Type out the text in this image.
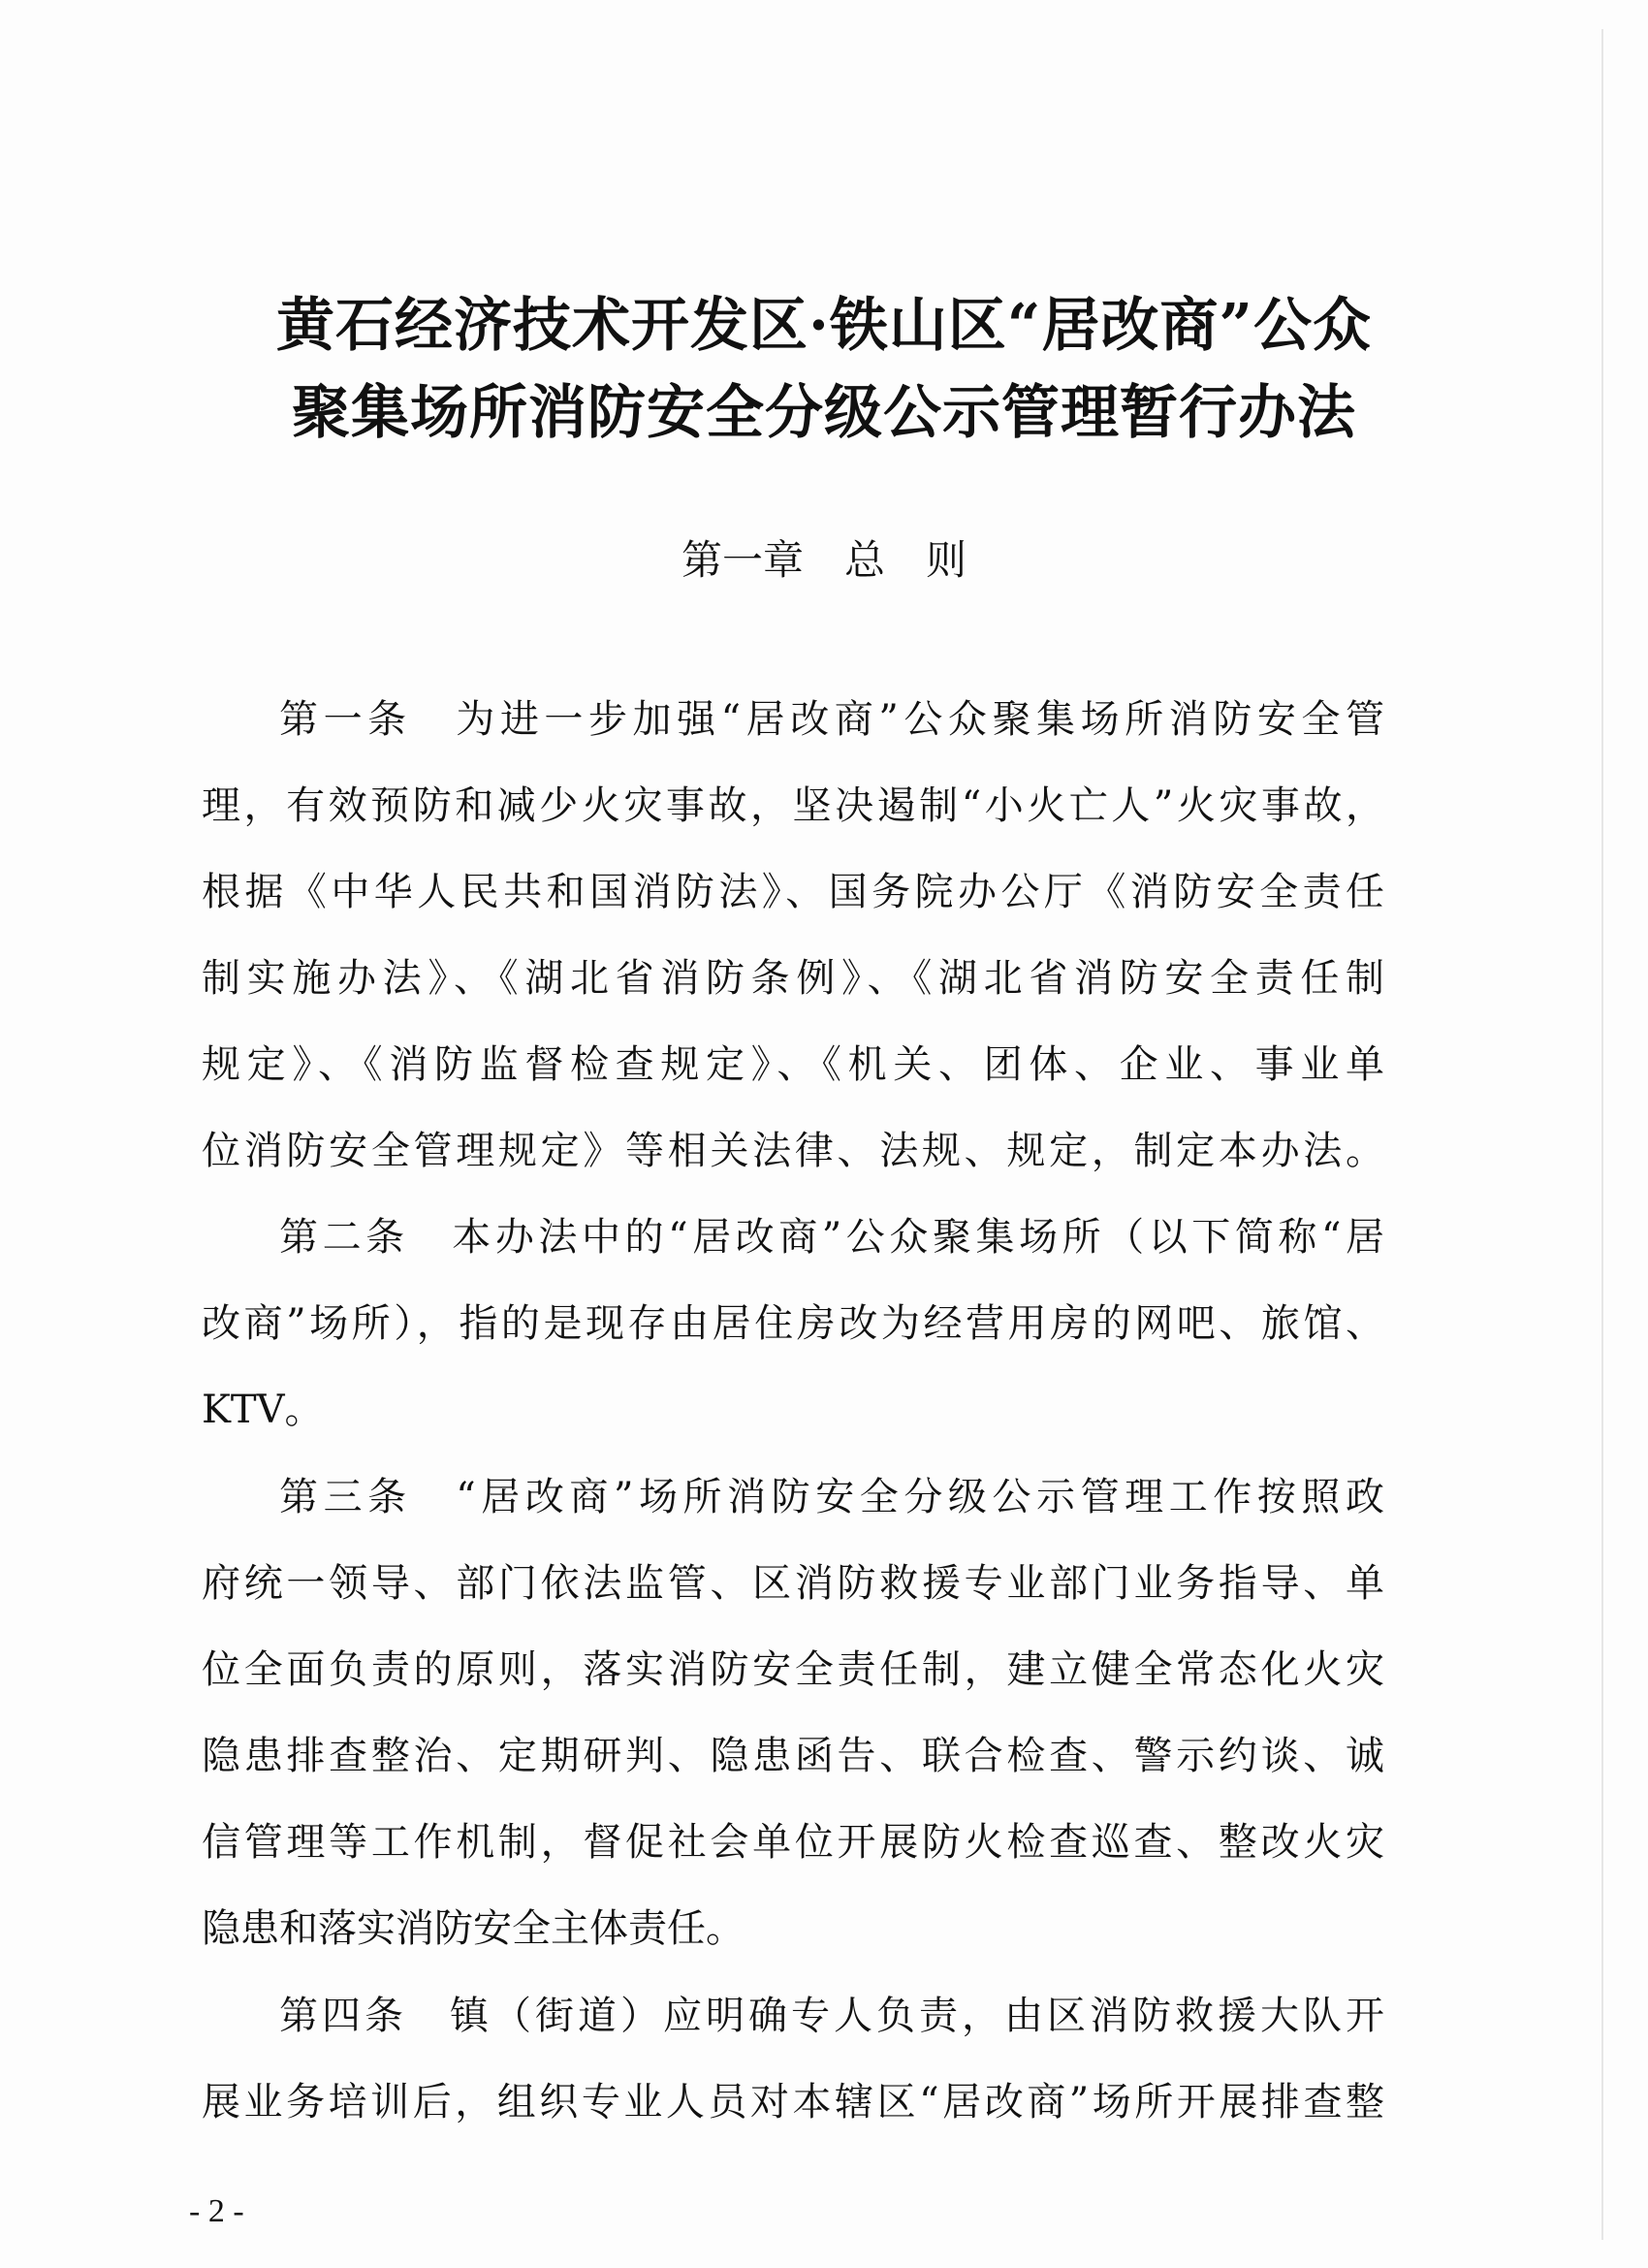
黄石经济技术开发区·铁山区“居改商”公众
聚集场所消防安全分级公示管理暂行办法
第一章　总　则
第一条　为进一步加强“居改商”公众聚集场所消防安全管
理，有效预防和减少火灾事故，坚决遏制“小火亡人”火灾事故，
根据《中华人民共和国消防法》、国务院办公厅《消防安全责任
制实施办法》、《湖北省消防条例》、《湖北省消防安全责任制
规定》、《消防监督检查规定》、《机关、团体、企业、事业单
位消防安全管理规定》等相关法律、法规、规定，制定本办法。
第二条　本办法中的“居改商”公众聚集场所（以下简称“居
改商”场所），指的是现存由居住房改为经营用房的网吧、旅馆、
KTV。
第三条　“居改商”场所消防安全分级公示管理工作按照政
府统一领导、部门依法监管、区消防救援专业部门业务指导、单
位全面负责的原则，落实消防安全责任制，建立健全常态化火灾
隐患排查整治、定期研判、隐患函告、联合检查、警示约谈、诚
信管理等工作机制，督促社会单位开展防火检查巡查、整改火灾
隐患和落实消防安全主体责任。
第四条　镇（街道）应明确专人负责，由区消防救援大队开
展业务培训后，组织专业人员对本辖区“居改商”场所开展排查整
- 2 -
